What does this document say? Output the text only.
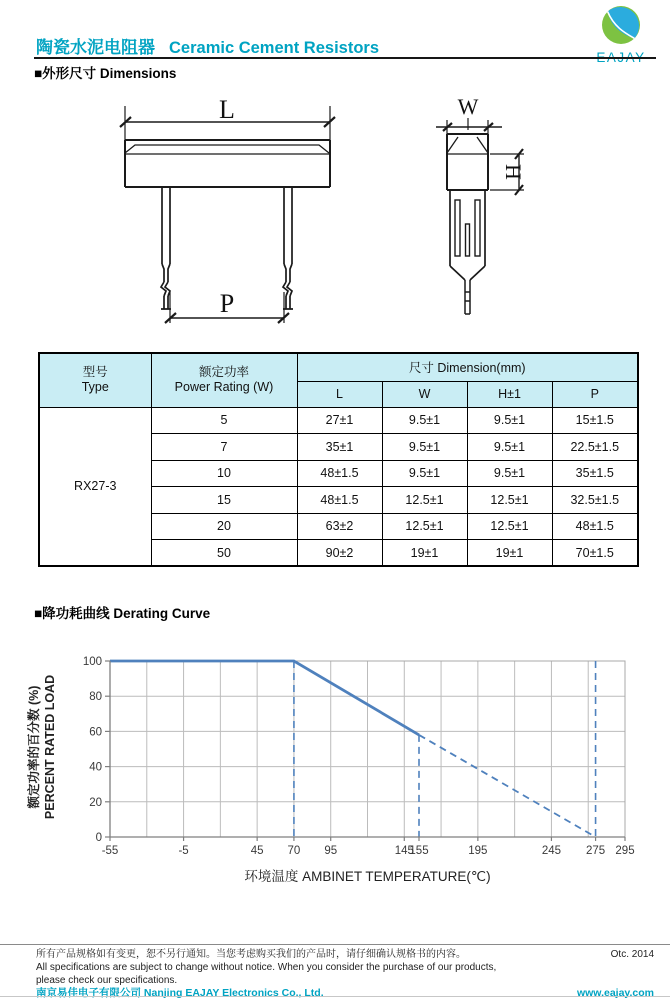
陶瓷水泥电阻器 Ceramic Cement Resistors
EAJAY
■外形尺寸 Dimensions
L
P
W
H
型号
Type

额定功率
Power Rating (W)
	尺寸 Dimension(mm)
		L	W	H±1	P
RX27-3	5	27±1	9.5±1	9.5±1	15±1.5
	7	35±1	9.5±1	9.5±1	22.5±1.5
	10	48±1.5	9.5±1	9.5±1	35±1.5
	15	48±1.5	12.5±1	12.5±1	32.5±1.5
	20	63±2	12.5±1	12.5±1	48±1.5
	50	90±2	19±1	19±1	70±1.5
■降功耗曲线 Derating Curve
额定功率的百分数 (%) PERCENT RATED LOAD
0
20
40
60
80
100
-55	-5	45 70 95	145
155	195	245 275 295
环境温度 AMBINET TEMPERATURE(℃)
所有产品规格如有变更，恕不另行通知。当您考虑购买我们的产品时，请仔细确认规格书的内容。	Otc. 2014
All specifications are subject to change without notice. When you consider the purchase of our products,
please check our specifications.
南京易佳电子有限公司 Nanjing EAJAY Electronics Co., Ltd.	www.eajay.com
